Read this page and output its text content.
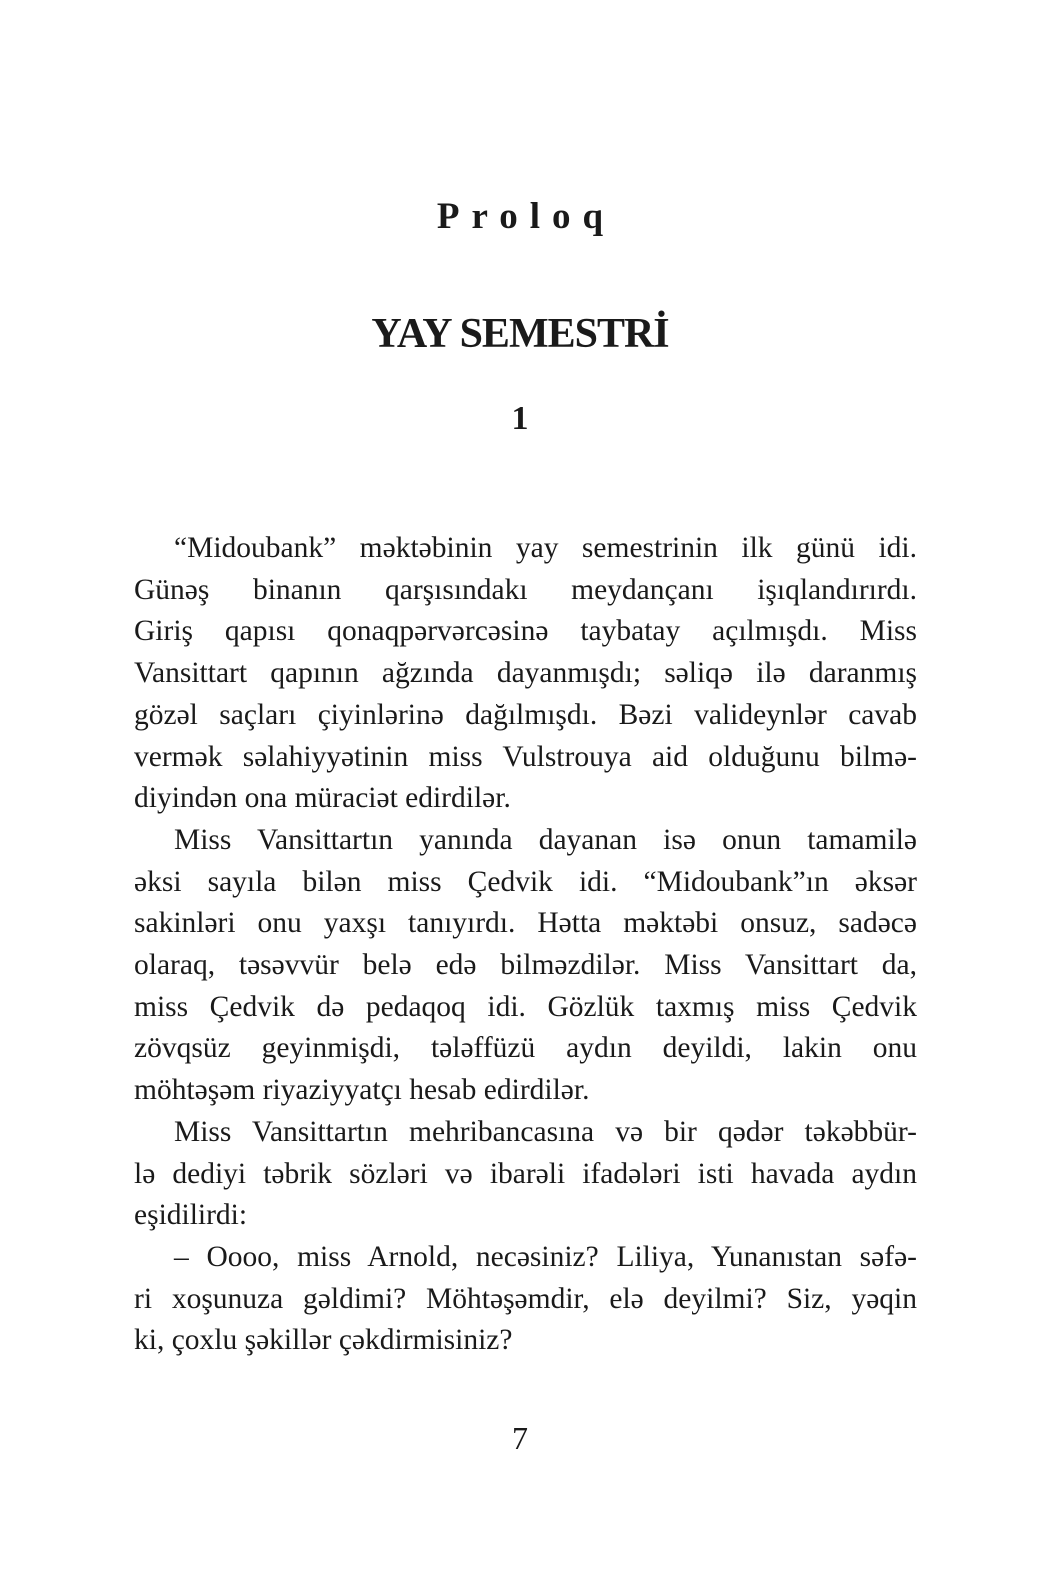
Proloq
YAY SEMESTRİ
1
“Midoubank” məktəbinin yay semestrinin ilk günü idi.
Günəş binanın qarşısındakı meydançanı işıqlandırırdı.
Giriş qapısı qonaqpərvərcəsinə taybatay açılmışdı. Miss
Vansittart qapının ağzında dayanmışdı; səliqə ilə daranmış
gözəl saçları çiyinlərinə dağılmışdı. Bəzi valideynlər cavab
vermək səlahiyyətinin miss Vulstrouya aid olduğunu bilmə-
diyindən ona müraciət edirdilər.
Miss Vansittartın yanında dayanan isə onun tamamilə
əksi sayıla bilən miss Çedvik idi. “Midoubank”ın əksər
sakinləri onu yaxşı tanıyırdı. Hətta məktəbi onsuz, sadəcə
olaraq, təsəvvür belə edə bilməzdilər. Miss Vansittart da,
miss Çedvik də pedaqoq idi. Gözlük taxmış miss Çedvik
zövqsüz geyinmişdi, tələffüzü aydın deyildi, lakin onu
möhtəşəm riyaziyyatçı hesab edirdilər.
Miss Vansittartın mehribancasına və bir qədər təkəbbür-
lə dediyi təbrik sözləri və ibarəli ifadələri isti havada aydın
eşidilirdi:
– Oooo, miss Arnold, necəsiniz? Liliya, Yunanıstan səfə-
ri xoşunuza gəldimi? Möhtəşəmdir, elə deyilmi? Siz, yəqin
ki, çoxlu şəkillər çəkdirmisiniz?
7
